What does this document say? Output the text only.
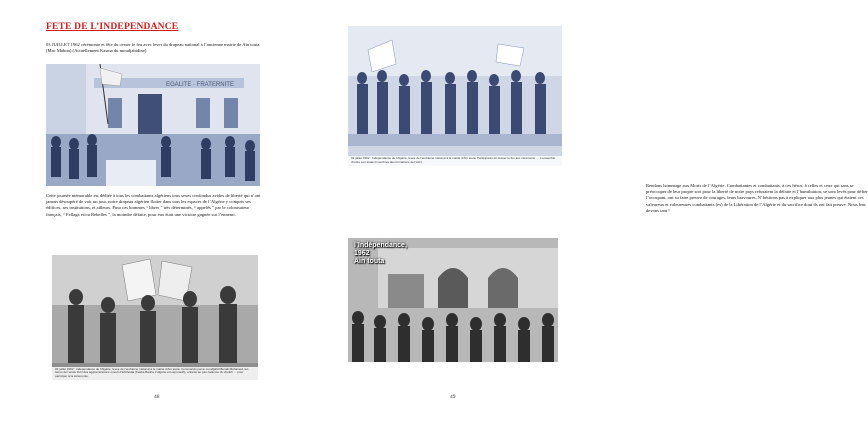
FETE DE L’INDEPENDANCE

03 JUILLET 1962 cérémonie et fête du cesser le feu avec lever du drapeau national à l’ancienne mairie de Aïn touta (Mac Mahon) (Actuellement Kasma du moudjahidine)

EGALITE · FRATERNITE

Cette journée mémorable est dédiée à tous les combattants algériens tous sexes confondus avides de liberté qui n’ont jamais désoupéré de voir un jour, notre drapeau algérien flotter dans tous les espaces de l’Algérie y compris ses édifices, ses institutions, et ailleurs. Pour ces hommes “ libres ” très déterminés, “ appelés ” par le colonisateur français, “ Fellaga et/ou Rebelles ”, la moindre défaite, pour eux était une victoire gagnée sur l’ennemi.

03 juillet 1962 : Indépendance de l’Algérie, levee de l’emblème national à la mairie d’Aïn touta. Commando par le moudjahid Benali Mohamed, les héros de l’ecole FLN des agglomérations ouvert d’El’khédja (Kasba Banha L’Algérie et Laymnadh), enfants au pas cadence du cheikh … pour participer à la cérémonie.
48
03 juillet 1962 : Indépendance de l’Algérie, levee de l’emblème national à la mairie d’Aïn touta. Participants du cesser le feu aux cérémonie … L’ensemble d’entre eux étaient membres des formations de l’ALN

Rendons hommage aux Morts de l’Algérie. Combattantes et combattants, à ces héros, à celles et ceux qui sans se préoccuper de leur propre sort pour la liberté de notre pays refusaient la défaite et l’humiliation, se sont levés pour défier l’occupant, ont su faire preuve de courages, leurs bravoures, N’hésitons pas à expliquer aux plus jeunes qui étaient ces valeureux et valeureuses combattants (es) de la Libération de l’Algérie et du sacrifice dont ils ont fait preuve. Nous leur devons tant !

l’Indépendance, 1962
Ain touta
49
